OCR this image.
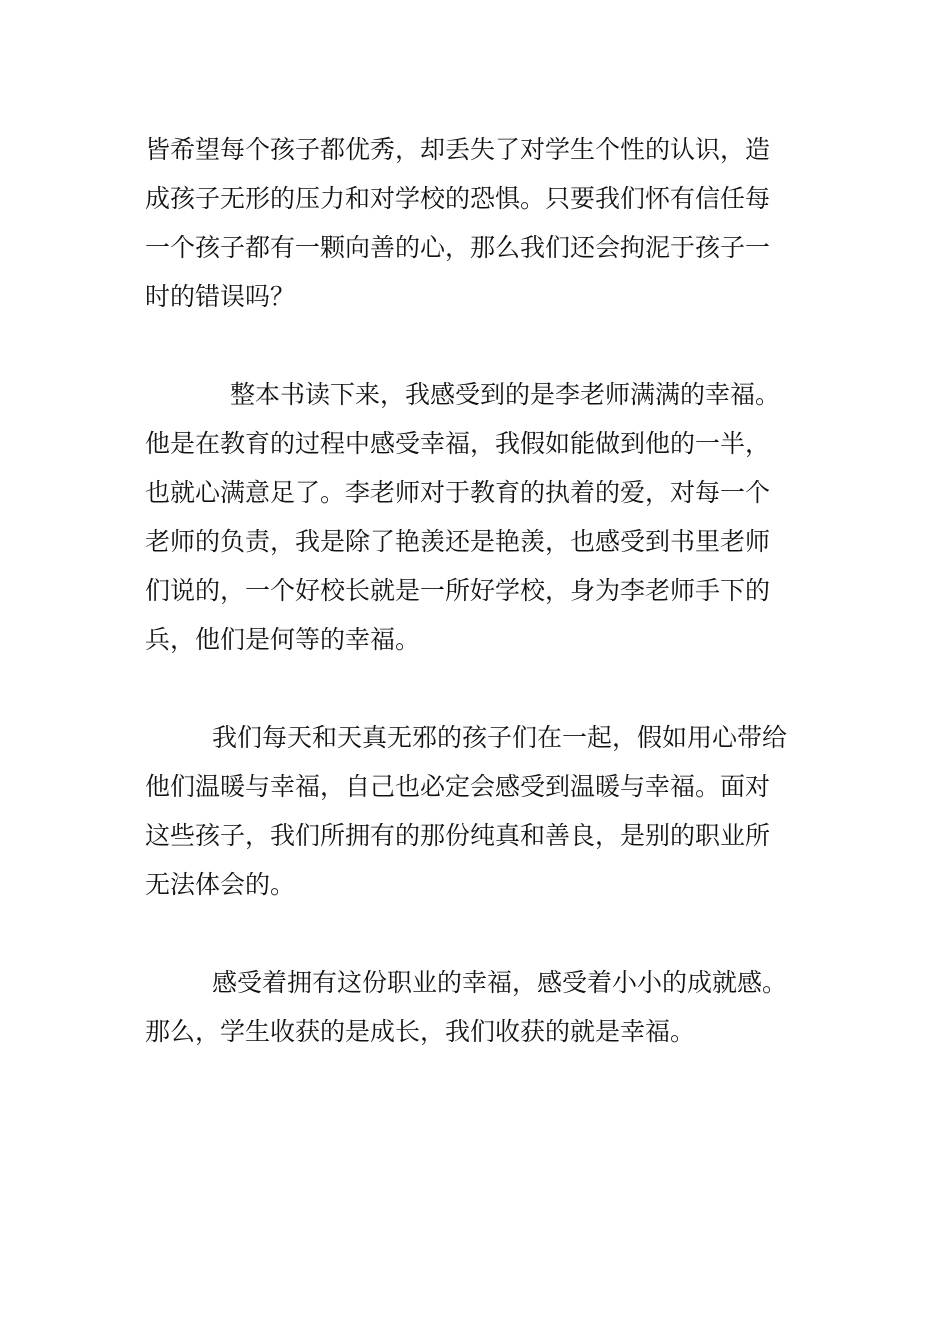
皆希望每个孩子都优秀，却丢失了对学生个性的认识，造
成孩子无形的压力和对学校的恐惧。只要我们怀有信任每
一个孩子都有一颗向善的心，那么我们还会拘泥于孩子一
时的错误吗？
整本书读下来，我感受到的是李老师满满的幸福。
他是在教育的过程中感受幸福，我假如能做到他的一半，
也就心满意足了。李老师对于教育的执着的爱，对每一个
老师的负责，我是除了艳羡还是艳羡，也感受到书里老师
们说的，一个好校长就是一所好学校，身为李老师手下的
兵，他们是何等的幸福。
我们每天和天真无邪的孩子们在一起，假如用心带给
他们温暖与幸福，自己也必定会感受到温暖与幸福。面对
这些孩子，我们所拥有的那份纯真和善良，是别的职业所
无法体会的。
感受着拥有这份职业的幸福，感受着小小的成就感。
那么，学生收获的是成长，我们收获的就是幸福。
